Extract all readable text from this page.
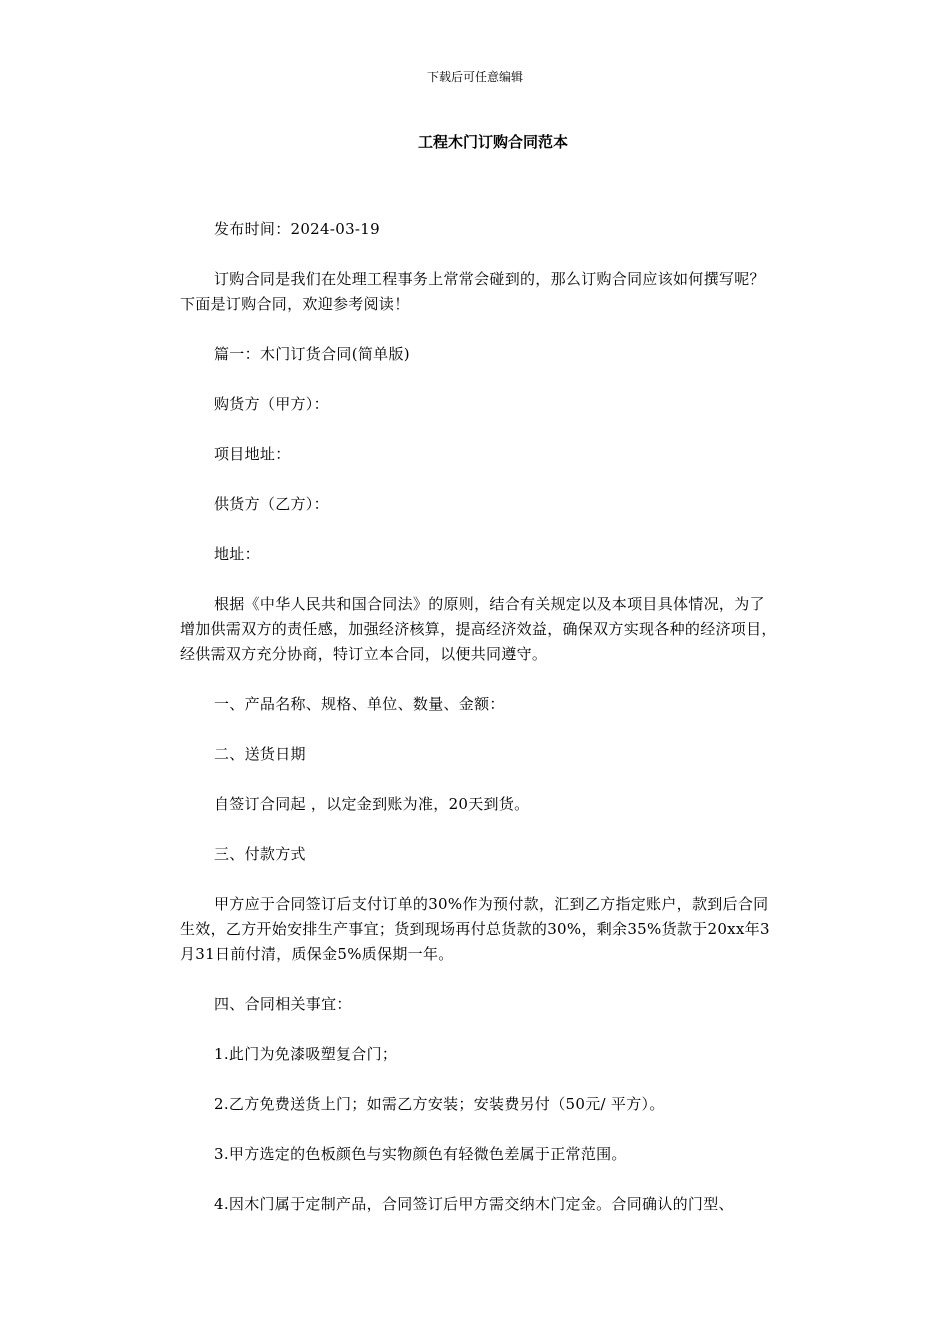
下载后可任意编辑
工程木门订购合同范本

发布时间：2024-03-19

订购合同是我们在处理工程事务上常常会碰到的，那么订购合同应该如何撰写呢？下面是订购合同，欢迎参考阅读！

篇一：木门订货合同(简单版)

购货方（甲方）：

项目地址：

供货方（乙方）：

地址：

根据《中华人民共和国合同法》的原则，结合有关规定以及本项目具体情况，为了增加供需双方的责任感，加强经济核算，提高经济效益，确保双方实现各种的经济项目，经供需双方充分协商，特订立本合同，以便共同遵守。

一、产品名称、规格、单位、数量、金额：

二、送货日期

自签订合同起 ，以定金到账为准，20天到货。

三、付款方式

甲方应于合同签订后支付订单的30%作为预付款，汇到乙方指定账户，款到后合同生效，乙方开始安排生产事宜；货到现场再付总货款的30%，剩余35%货款于20xx年3月31日前付清，质保金5%质保期一年。

四、合同相关事宜：

1.此门为免漆吸塑复合门；

2.乙方免费送货上门；如需乙方安装；安装费另付（50元/ 平方）。

3.甲方选定的色板颜色与实物颜色有轻微色差属于正常范围。

4.因木门属于定制产品，合同签订后甲方需交纳木门定金。合同确认的门型、
